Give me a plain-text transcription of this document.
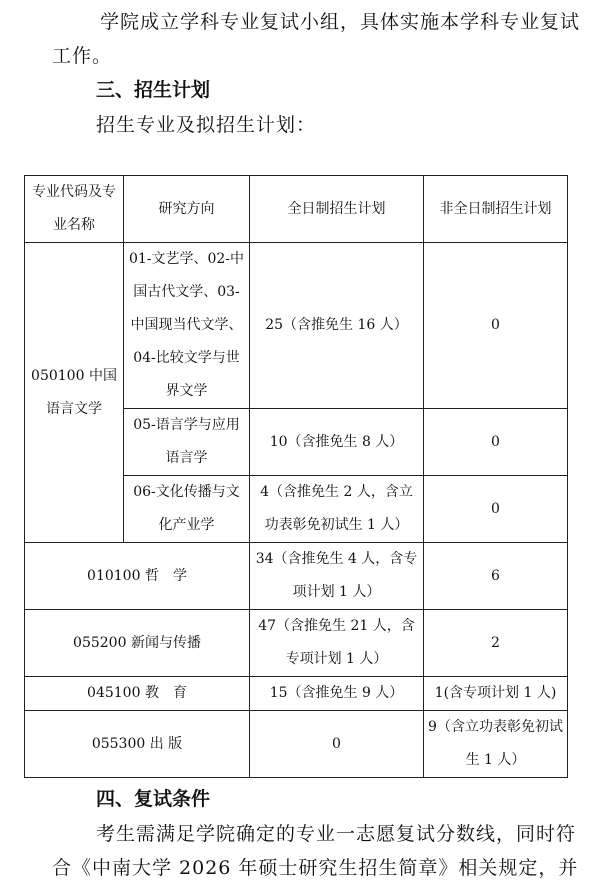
学院成立学科专业复试小组，具体实施本学科专业复试
工作。
三、招生计划
招生专业及拟招生计划：
专业代码及专业名称	研究方向	全日制招生计划	非全日制招生计划
050100 中国语言文学	01-文艺学、02-中国古代文学、03-中国现当代文学、04-比较文学与世界文学	25（含推免生 16 人）	0
	05-语言学与应用语言学	10（含推免生 8 人）	0
	06-文化传播与文化产业学	4（含推免生 2 人，含立功表彰免初试生 1 人）	0
010100 哲　学		34（含推免生 4 人，含专项计划 1 人）	6
055200 新闻与传播		47（含推免生 21 人，含专项计划 1 人）	2
045100 教　育		15（含推免生 9 人）	1(含专项计划 1 人)
055300 出 版		0	9（含立功表彰免初试生 1 人）
四、复试条件
考生需满足学院确定的专业一志愿复试分数线，同时符
合《中南大学 2026 年硕士研究生招生简章》相关规定，并
